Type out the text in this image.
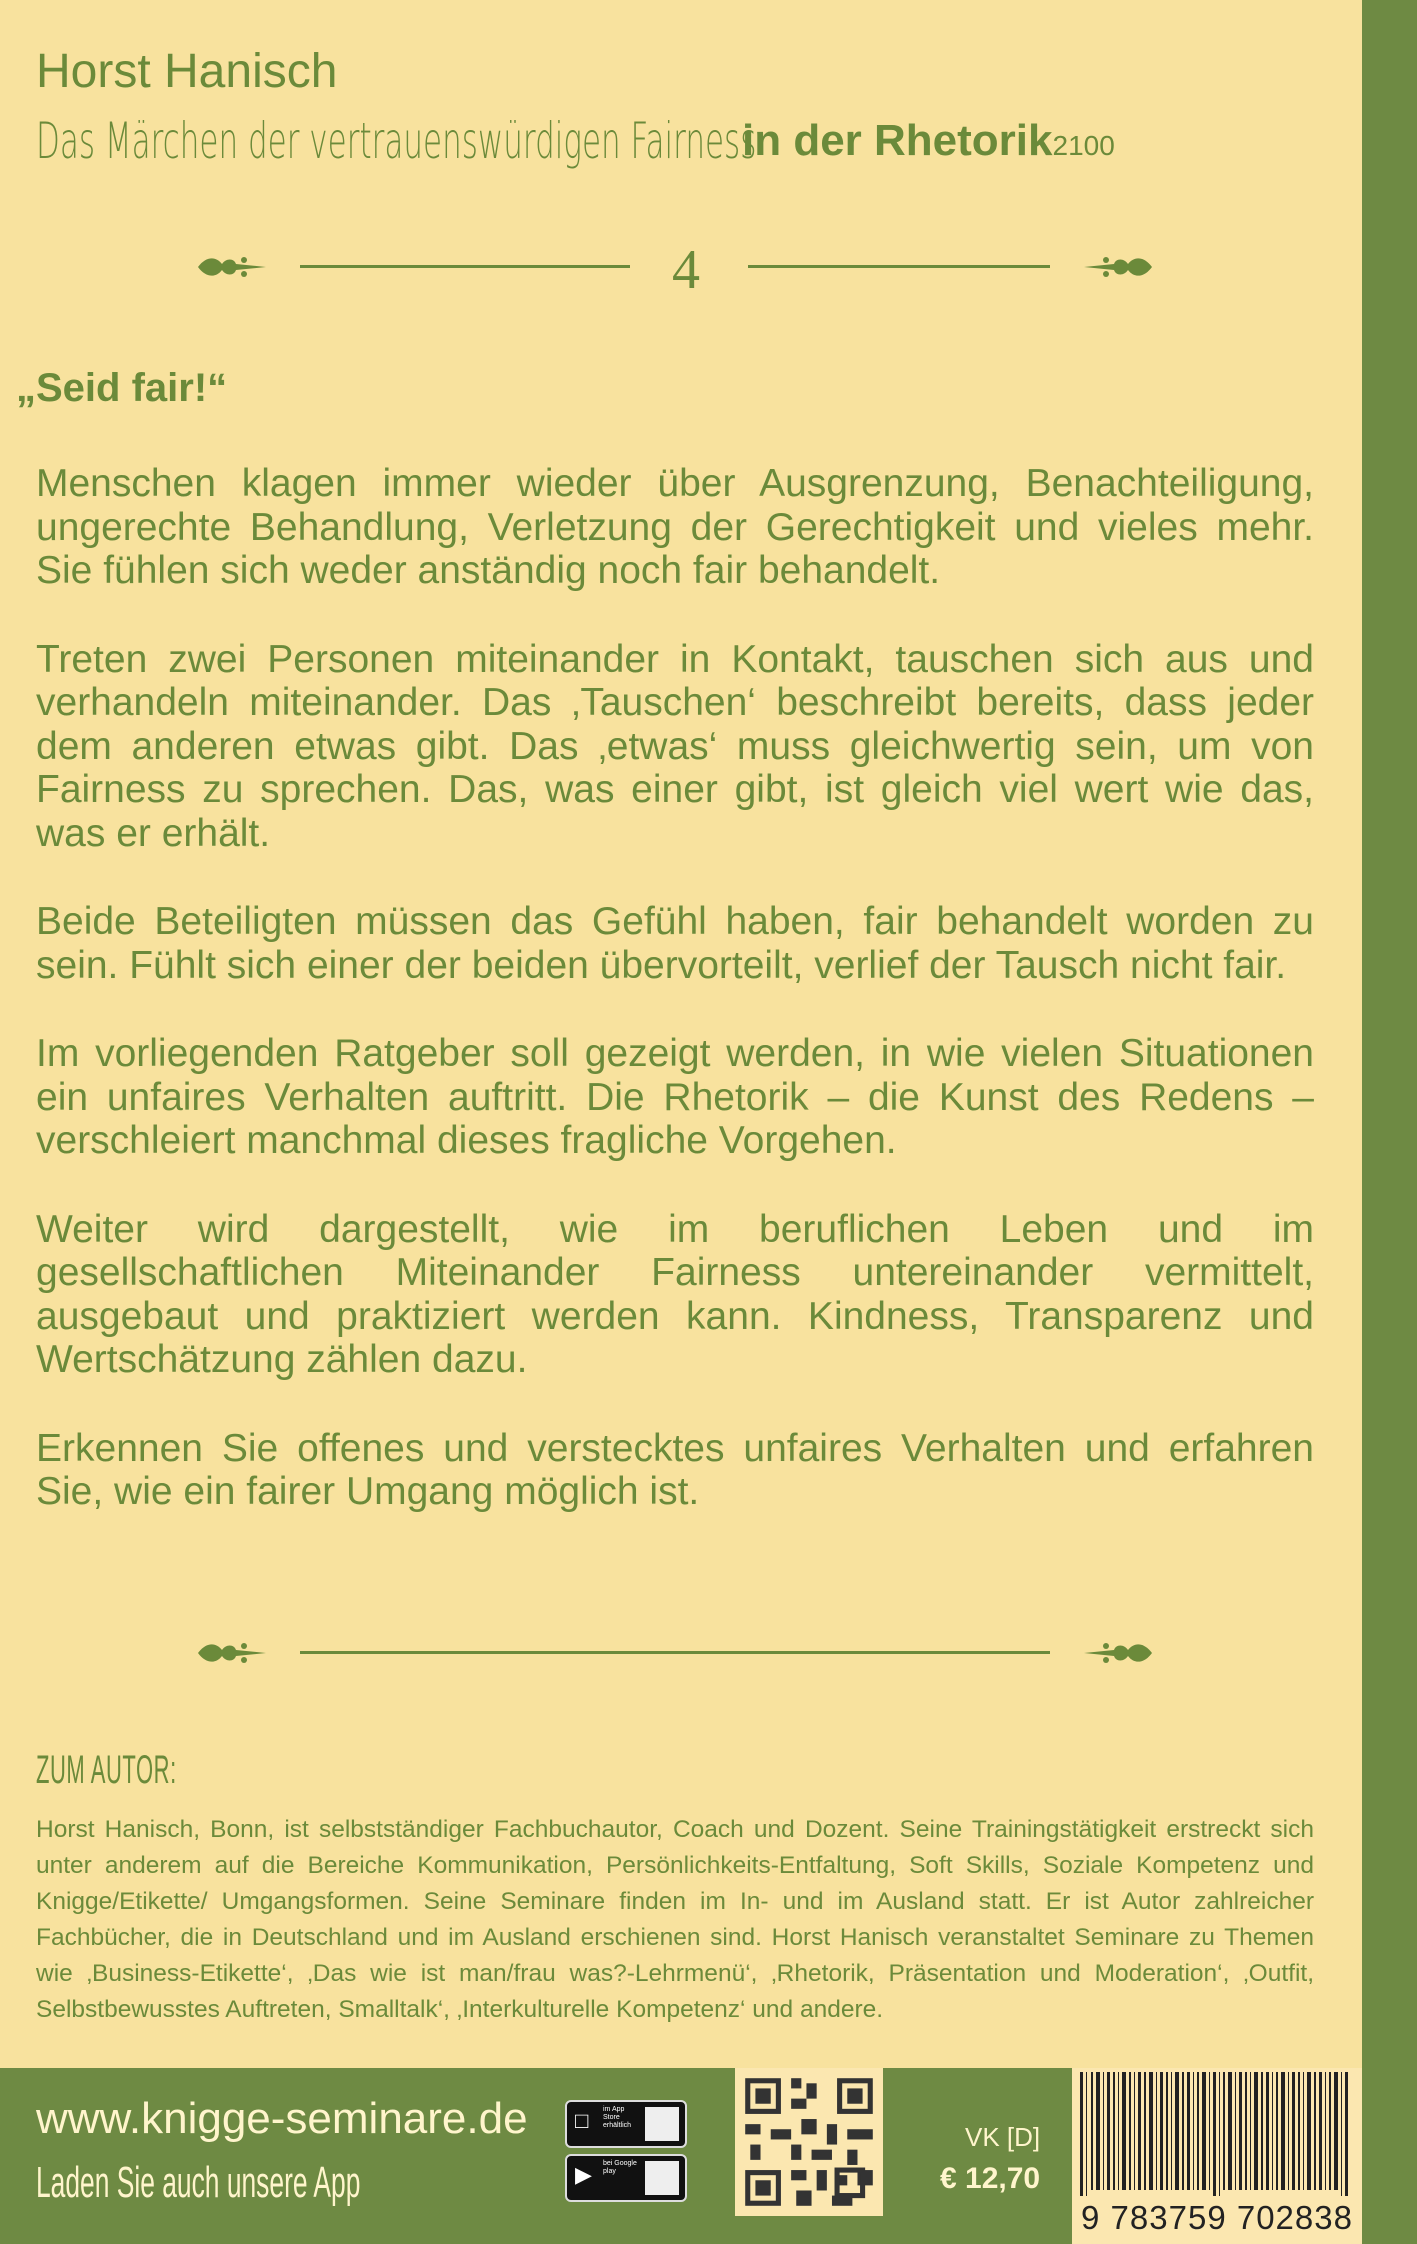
Horst Hanisch
Das Märchen der vertrauenswürdigen Fairness
in der Rhetorik2100
4
„Seid fair!“

Menschen klagen immer wieder über Ausgrenzung, Benachteiligung, ungerechte Behandlung, Verletzung der Gerechtigkeit und vieles mehr. Sie fühlen sich weder anständig noch fair behandelt.

Treten zwei Personen miteinander in Kontakt, tauschen sich aus und verhandeln miteinander. Das ‚Tauschen‘ beschreibt bereits, dass jeder dem anderen etwas gibt. Das ‚etwas‘ muss gleichwertig sein, um von Fairness zu sprechen. Das, was einer gibt, ist gleich viel wert wie das, was er erhält.

Beide Beteiligten müssen das Gefühl haben, fair behandelt worden zu sein. Fühlt sich einer der beiden übervorteilt, verlief der Tausch nicht fair.

Im vorliegenden Ratgeber soll gezeigt werden, in wie vielen Situationen ein unfaires Verhalten auftritt. Die Rhetorik – die Kunst des Redens – verschleiert manchmal dieses fragliche Vorgehen.

Weiter wird dargestellt, wie im beruflichen Leben und im gesellschaftlichen Miteinander Fairness untereinander vermittelt, ausgebaut und praktiziert werden kann. Kindness, Transparenz und Wertschätzung zählen dazu.

Erkennen Sie offenes und verstecktes unfaires Verhalten und erfahren Sie, wie ein fairer Umgang möglich ist.

ZUM AUTOR:
Horst Hanisch, Bonn, ist selbstständiger Fachbuchautor, Coach und Dozent. Seine Trainingstätigkeit erstreckt sich unter anderem auf die Bereiche Kommunikation, Persönlichkeits-Entfaltung, Soft Skills, Soziale Kompetenz und Knigge/Etikette/ Umgangsformen. Seine Seminare finden im In- und im Ausland statt. Er ist Autor zahlreicher Fachbücher, die in Deutschland und im Ausland erschienen sind. Horst Hanisch veranstaltet Seminare zu Themen wie ‚Business-Etikette‘, ‚Das wie ist man/frau was?-Lehrmenü‘, ‚Rhetorik, Präsentation und Moderation‘, ‚Outfit, Selbstbewusstes Auftreten, Smalltalk‘, ‚Interkulturelle Kompetenz‘ und andere.
www.knigge-seminare.de
Laden Sie auch unsere App
□	im App Store erhältlich
▶	bei Google play
VK [D]
€ 12,70
9 783759 702838
